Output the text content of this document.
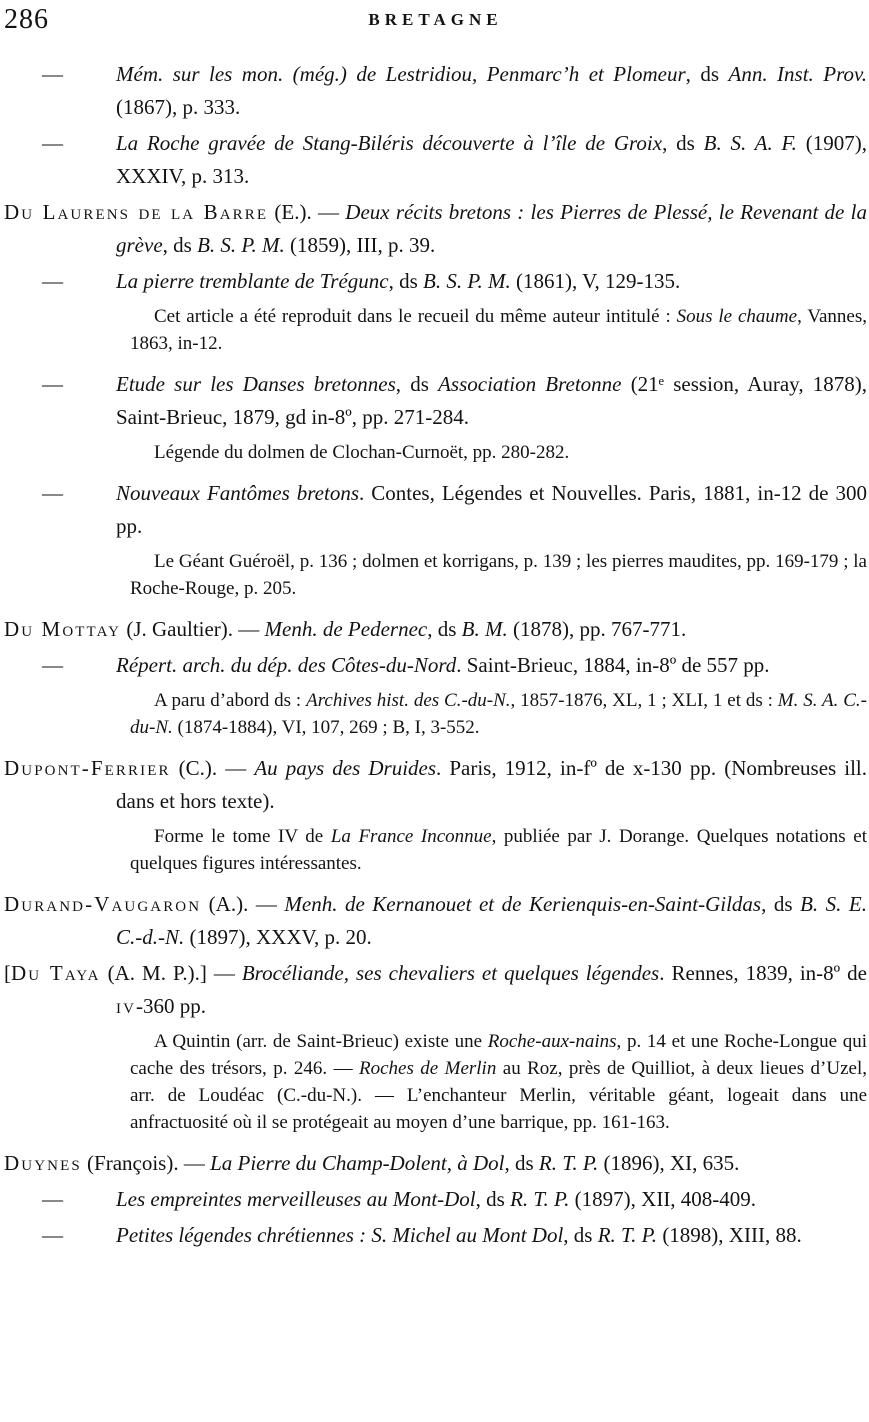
286	BRETAGNE

—	Mém. sur les mon. (még.) de Lestridiou, Penmarc’h et Plomeur, ds Ann. Inst. Prov. (1867), p. 333.

—	La Roche gravée de Stang-Biléris découverte à l’île de Groix, ds B. S. A. F. (1907), XXXIV, p. 313.

Du Laurens de la Barre (E.). — Deux récits bretons : les Pierres de Plessé, le Revenant de la grève, ds B. S. P. M. (1859), III, p. 39.

—	La pierre tremblante de Trégunc, ds B. S. P. M. (1861), V, 129-135.

Cet article a été reproduit dans le recueil du même auteur intitulé : Sous le chaume, Vannes, 1863, in-12.

—	Etude sur les Danses bretonnes, ds Association Bretonne (21ᵉ session, Auray, 1878), Saint-Brieuc, 1879, gd in-8º, pp. 271-284.

Légende du dolmen de Clochan-Curnoët, pp. 280-282.

—	Nouveaux Fantômes bretons. Contes, Légendes et Nouvelles. Paris, 1881, in-12 de 300 pp.

Le Géant Guéroël, p. 136 ; dolmen et korrigans, p. 139 ; les pierres maudites, pp. 169-179 ; la Roche-Rouge, p. 205.

Du Mottay (J. Gaultier). — Menh. de Pedernec, ds B. M. (1878), pp. 767-771.

—	Répert. arch. du dép. des Côtes-du-Nord. Saint-Brieuc, 1884, in-8º de 557 pp.

A paru d’abord ds : Archives hist. des C.-du-N., 1857-1876, XL, 1 ; XLI, 1 et ds : M. S. A. C.-du-N. (1874-1884), VI, 107, 269 ; B, I, 3-552.

Dupont-Ferrier (C.). — Au pays des Druides. Paris, 1912, in-fº de x-130 pp. (Nombreuses ill. dans et hors texte).

Forme le tome IV de La France Inconnue, publiée par J. Dorange. Quelques notations et quelques figures intéressantes.

Durand-Vaugaron (A.). — Menh. de Kernanouet et de Kerienquis-en-Saint-Gildas, ds B. S. E. C.-d.-N. (1897), XXXV, p. 20.

[Du Taya (A. M. P.).] — Brocéliande, ses chevaliers et quelques légendes. Rennes, 1839, in-8º de iv-360 pp.

A Quintin (arr. de Saint-Brieuc) existe une Roche-aux-nains, p. 14 et une Roche-Longue qui cache des trésors, p. 246. — Roches de Merlin au Roz, près de Quilliot, à deux lieues d’Uzel, arr. de Loudéac (C.-du-N.). — L’enchanteur Merlin, véritable géant, logeait dans une anfractuosité où il se protégeait au moyen d’une barrique, pp. 161-163.

Duynes (François). — La Pierre du Champ-Dolent, à Dol, ds R. T. P. (1896), XI, 635.

—	Les empreintes merveilleuses au Mont-Dol, ds R. T. P. (1897), XII, 408-409.

—	Petites légendes chrétiennes : S. Michel au Mont Dol, ds R. T. P. (1898), XIII, 88.
